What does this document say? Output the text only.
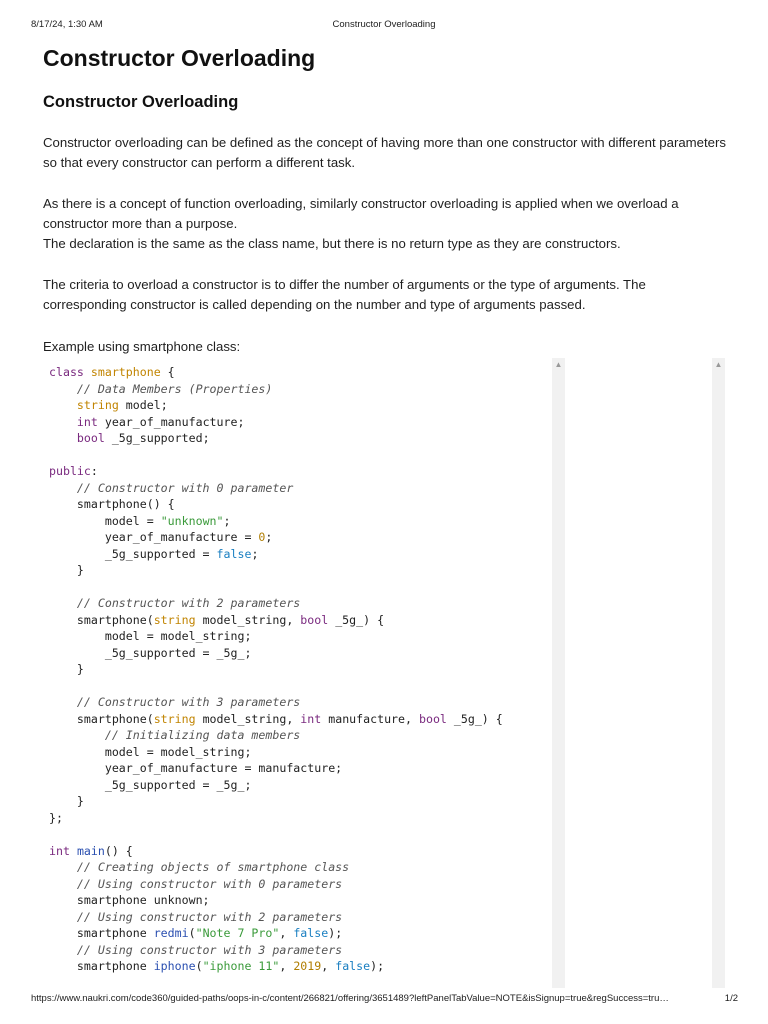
8/17/24, 1:30 AM	Constructor Overloading
Constructor Overloading
Constructor Overloading

Constructor overloading can be defined as the concept of having more than one constructor with different parameters so that every constructor can perform a different task.

As there is a concept of function overloading, similarly constructor overloading is applied when we overload a constructor more than a purpose.

The declaration is the same as the class name, but there is no return type as they are constructors.

The criteria to overload a constructor is to differ the number of arguments or the type of arguments. The corresponding constructor is called depending on the number and type of arguments passed.

Example using smartphone class:

class smartphone {
// Data Members (Properties)
string model;
int year_of_manufacture;
bool _5g_supported;

public:
// Constructor with 0 parameter
smartphone() {
model = "unknown";
year_of_manufacture = 0;
_5g_supported = false;
}

// Constructor with 2 parameters
smartphone(string model_string, bool _5g_) {
model = model_string;
_5g_supported = _5g_;
}

// Constructor with 3 parameters
smartphone(string model_string, int manufacture, bool _5g_) {
// Initializing data members
model = model_string;
year_of_manufacture = manufacture;
_5g_supported = _5g_;
}
};

int main() {
// Creating objects of smartphone class
// Using constructor with 0 parameters
smartphone unknown;
// Using constructor with 2 parameters
smartphone redmi("Note 7 Pro", false);
// Using constructor with 3 parameters
smartphone iphone("iphone 11", 2019, false);
▲	▲
https://www.naukri.com/code360/guided-paths/oops-in-c/content/266821/offering/3651489?leftPanelTabValue=NOTE&isSignup=true&regSuccess=tru…	1/2
